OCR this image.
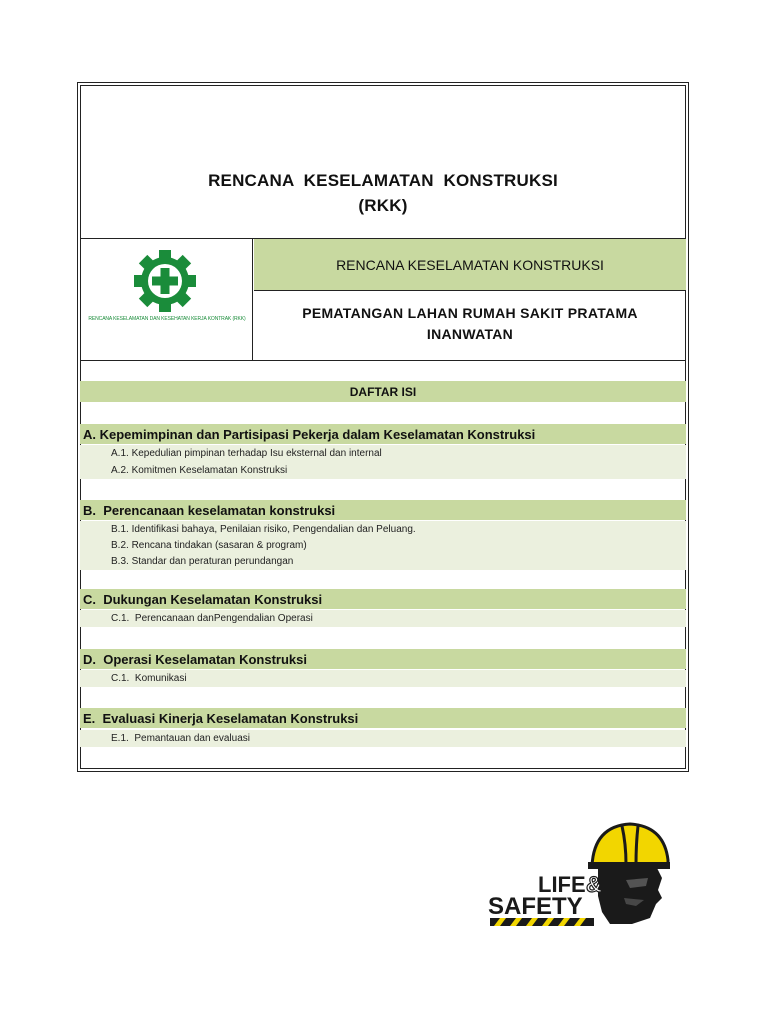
RENCANA  KESELAMATAN  KONSTRUKSI
(RKK)
RENCANA KESELAMATAN DAN KESEHATAN KERJA KONTRAK (RKK)
RENCANA KESELAMATAN KONSTRUKSI
PEMATANGAN LAHAN RUMAH SAKIT PRATAMA
INANWATAN
DAFTAR ISI
A. Kepemimpinan dan Partisipasi Pekerja dalam Keselamatan Konstruksi
A.1. Kepedulian pimpinan terhadap Isu eksternal dan internal
A.2. Komitmen Keselamatan Konstruksi
B.  Perencanaan keselamatan konstruksi
B.1. Identifikasi bahaya, Penilaian risiko, Pengendalian dan Peluang.
B.2. Rencana tindakan (sasaran & program)
B.3. Standar dan peraturan perundangan
C.  Dukungan Keselamatan Konstruksi
C.1.  Perencanaan danPengendalian Operasi
D.  Operasi Keselamatan Konstruksi
C.1.  Komunikasi
E.  Evaluasi Kinerja Keselamatan Konstruksi
E.1.  Pemantauan dan evaluasi
LIFE &
SAFETY
